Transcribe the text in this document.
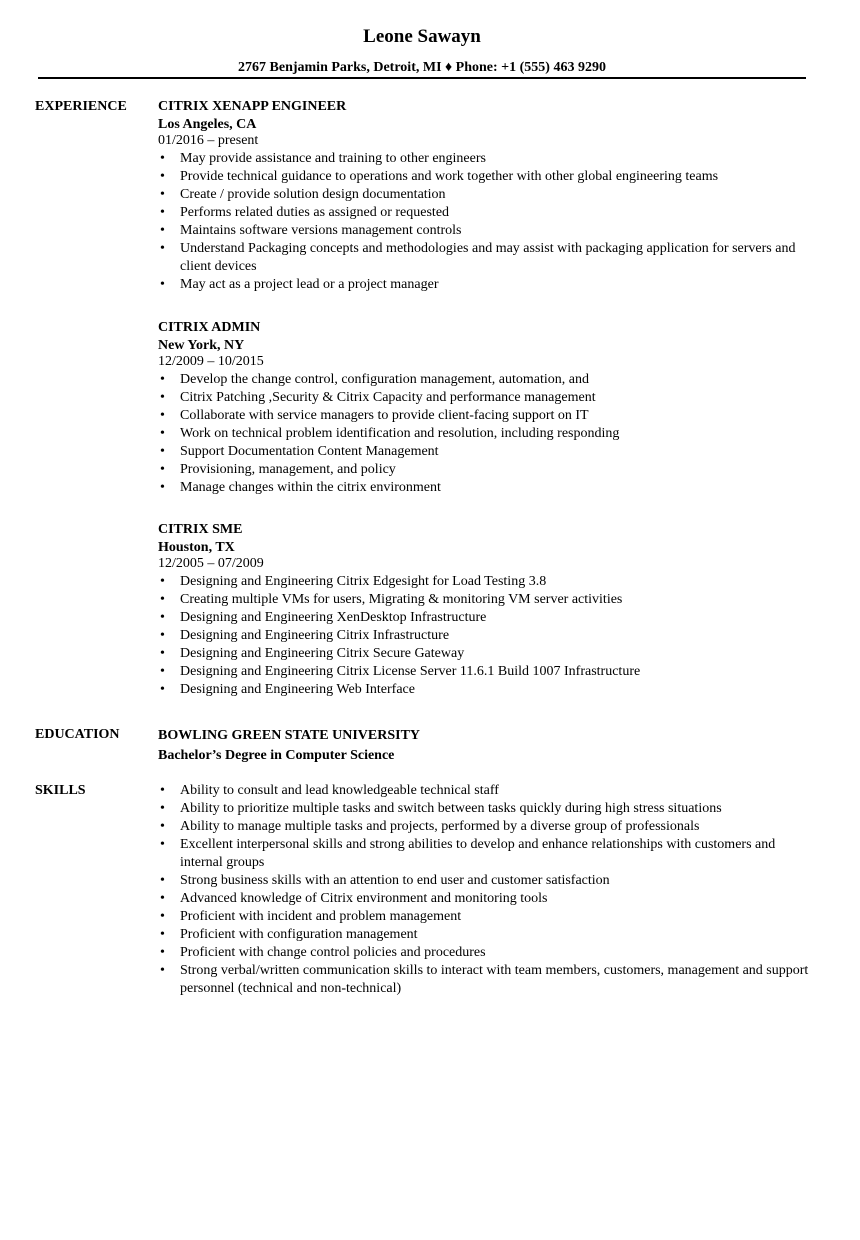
Leone Sawayn
2767 Benjamin Parks, Detroit, MI ♦ Phone: +1 (555) 463 9290
EXPERIENCE CITRIX XENAPP ENGINEER
Los Angeles, CA
01/2016 – present
• May provide assistance and training to other engineers
• Provide technical guidance to operations and work together with other global engineering teams
• Create / provide solution design documentation
• Performs related duties as assigned or requested
• Maintains software versions management controls
• Understand Packaging concepts and methodologies and may assist with packaging application for servers and client devices
• May act as a project lead or a project manager
CITRIX ADMIN
New York, NY
12/2009 – 10/2015
• Develop the change control, configuration management, automation, and
• Citrix Patching ,Security & Citrix Capacity and performance management
• Collaborate with service managers to provide client-facing support on IT
• Work on technical problem identification and resolution, including responding
• Support Documentation Content Management
• Provisioning, management, and policy
• Manage changes within the citrix environment
CITRIX SME
Houston, TX
12/2005 – 07/2009
• Designing and Engineering Citrix Edgesight for Load Testing 3.8
• Creating multiple VMs for users, Migrating & monitoring VM server activities
• Designing and Engineering XenDesktop Infrastructure
• Designing and Engineering Citrix Infrastructure
• Designing and Engineering Citrix Secure Gateway
• Designing and Engineering Citrix License Server 11.6.1 Build 1007 Infrastructure
• Designing and Engineering Web Interface
EDUCATION	BOWLING GREEN STATE UNIVERSITY
Bachelor’s Degree in Computer Science
SKILLS
•	Ability to consult and lead knowledgeable technical staff
• Ability to prioritize multiple tasks and switch between tasks quickly during high stress situations
• Ability to manage multiple tasks and projects, performed by a diverse group of professionals
• Excellent interpersonal skills and strong abilities to develop and enhance relationships with customers and internal groups
• Strong business skills with an attention to end user and customer satisfaction
• Advanced knowledge of Citrix environment and monitoring tools
• Proficient with incident and problem management
• Proficient with configuration management
• Proficient with change control policies and procedures
• Strong verbal/written communication skills to interact with team members, customers, management and support personnel (technical and non-technical)
